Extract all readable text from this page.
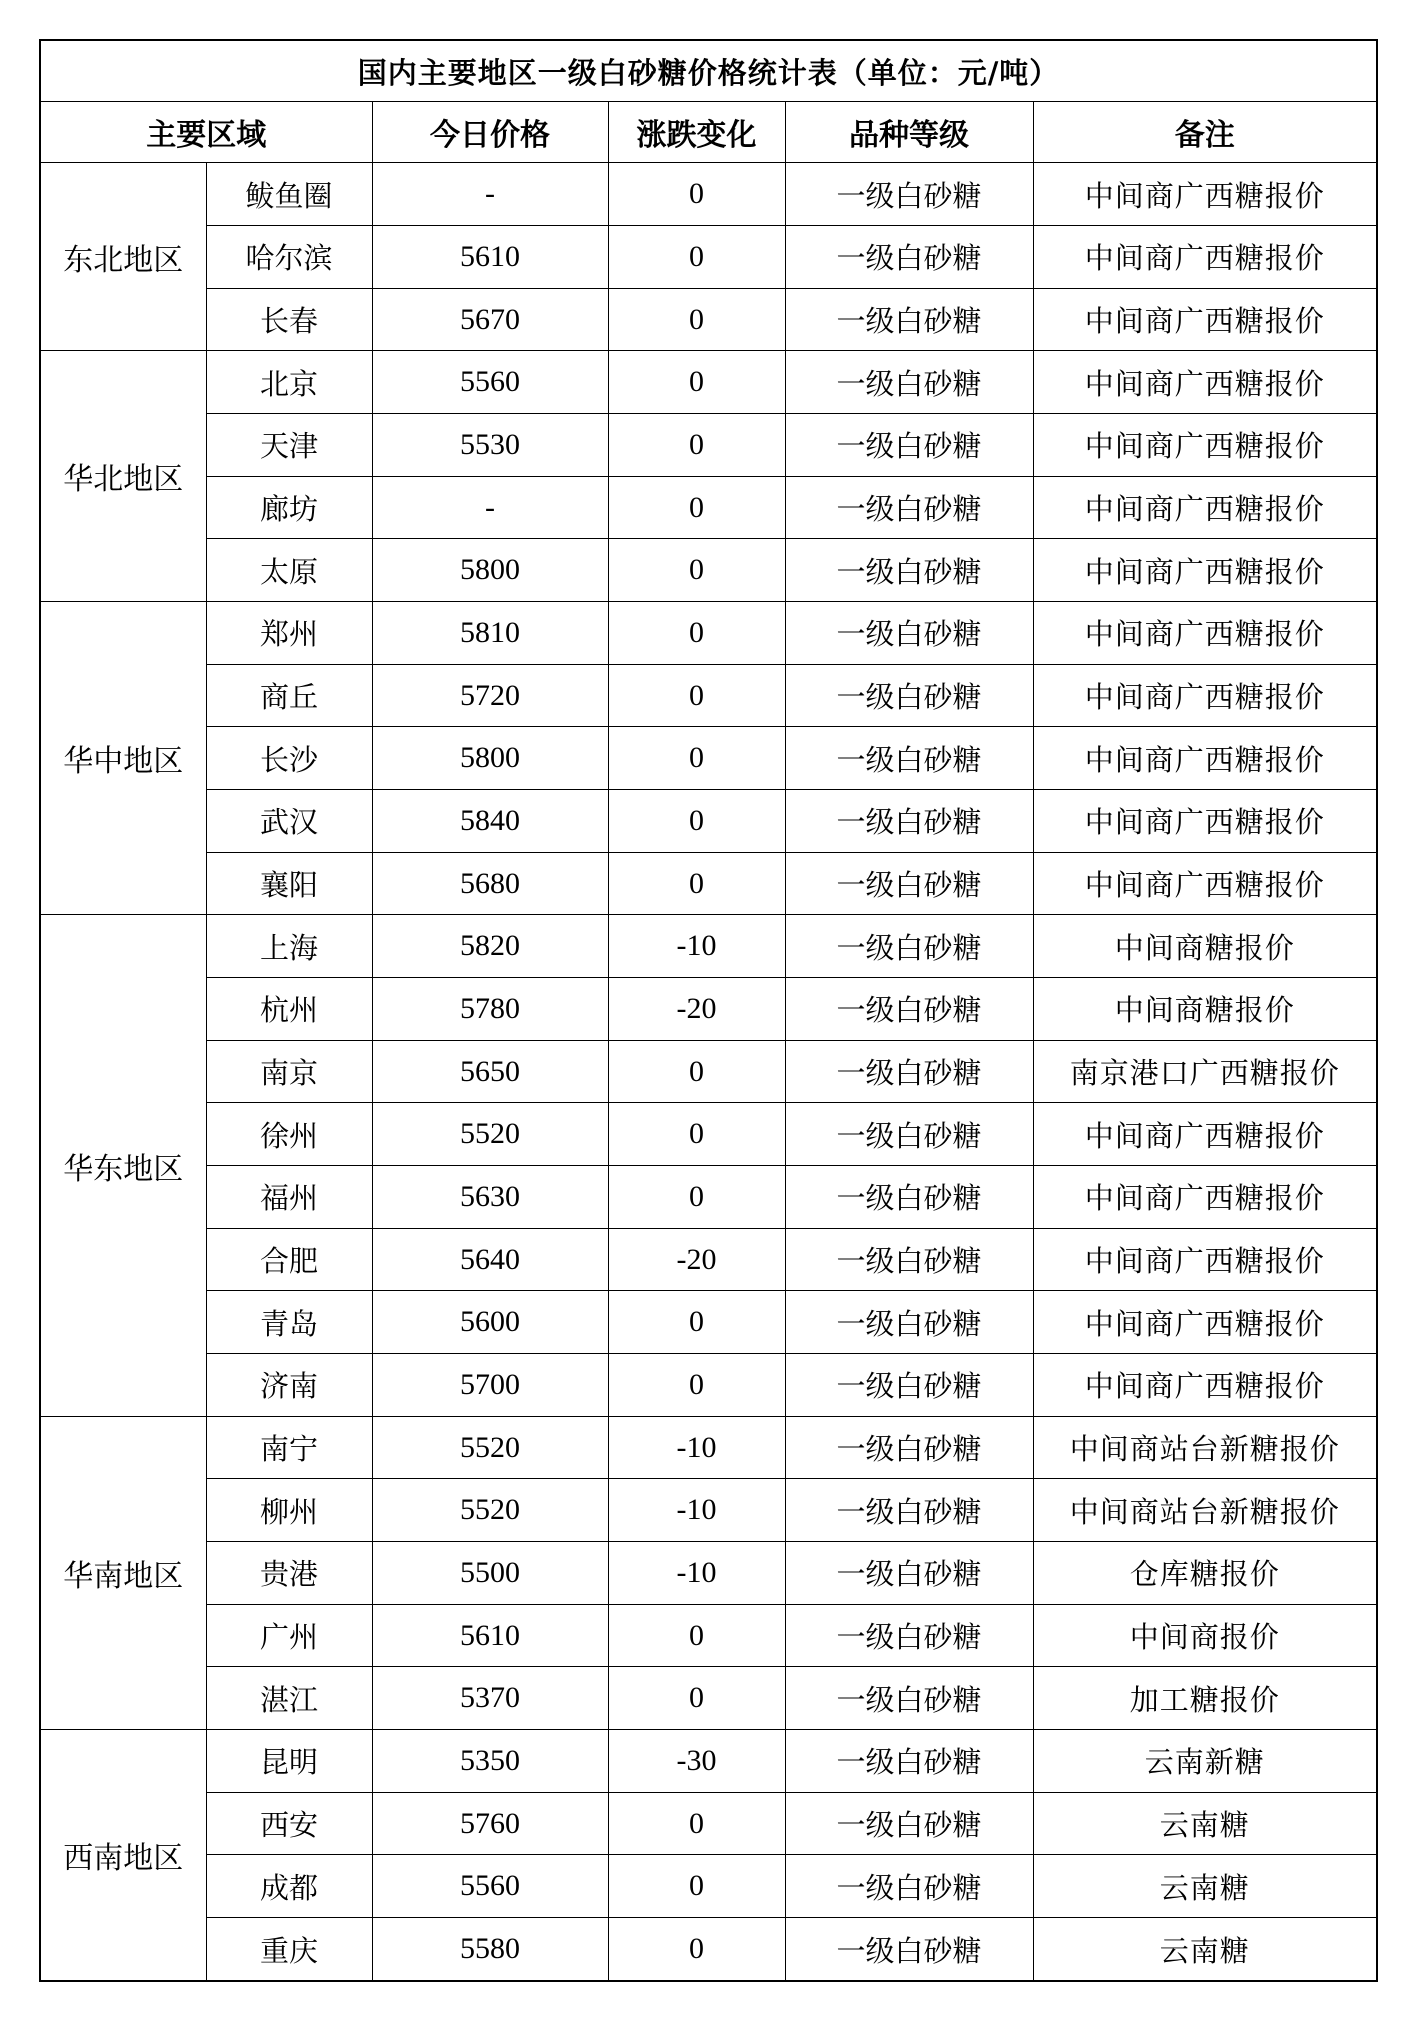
国内主要地区一级白砂糖价格统计表（单位：元/吨）					
主要区域		今日价格	涨跌变化	品种等级	备注
东北地区	鲅鱼圈	-	0	一级白砂糖	中间商广西糖报价
	哈尔滨	5610	0	一级白砂糖	中间商广西糖报价
	长春	5670	0	一级白砂糖	中间商广西糖报价
华北地区	北京	5560	0	一级白砂糖	中间商广西糖报价
	天津	5530	0	一级白砂糖	中间商广西糖报价
	廊坊	-	0	一级白砂糖	中间商广西糖报价
	太原	5800	0	一级白砂糖	中间商广西糖报价
华中地区	郑州	5810	0	一级白砂糖	中间商广西糖报价
	商丘	5720	0	一级白砂糖	中间商广西糖报价
	长沙	5800	0	一级白砂糖	中间商广西糖报价
	武汉	5840	0	一级白砂糖	中间商广西糖报价
	襄阳	5680	0	一级白砂糖	中间商广西糖报价
华东地区	上海	5820	-10	一级白砂糖	中间商糖报价
	杭州	5780	-20	一级白砂糖	中间商糖报价
	南京	5650	0	一级白砂糖	南京港口广西糖报价
	徐州	5520	0	一级白砂糖	中间商广西糖报价
	福州	5630	0	一级白砂糖	中间商广西糖报价
	合肥	5640	-20	一级白砂糖	中间商广西糖报价
	青岛	5600	0	一级白砂糖	中间商广西糖报价
	济南	5700	0	一级白砂糖	中间商广西糖报价
华南地区	南宁	5520	-10	一级白砂糖	中间商站台新糖报价
	柳州	5520	-10	一级白砂糖	中间商站台新糖报价
	贵港	5500	-10	一级白砂糖	仓库糖报价
	广州	5610	0	一级白砂糖	中间商报价
	湛江	5370	0	一级白砂糖	加工糖报价
西南地区	昆明	5350	-30	一级白砂糖	云南新糖
	西安	5760	0	一级白砂糖	云南糖
	成都	5560	0	一级白砂糖	云南糖
	重庆	5580	0	一级白砂糖	云南糖
